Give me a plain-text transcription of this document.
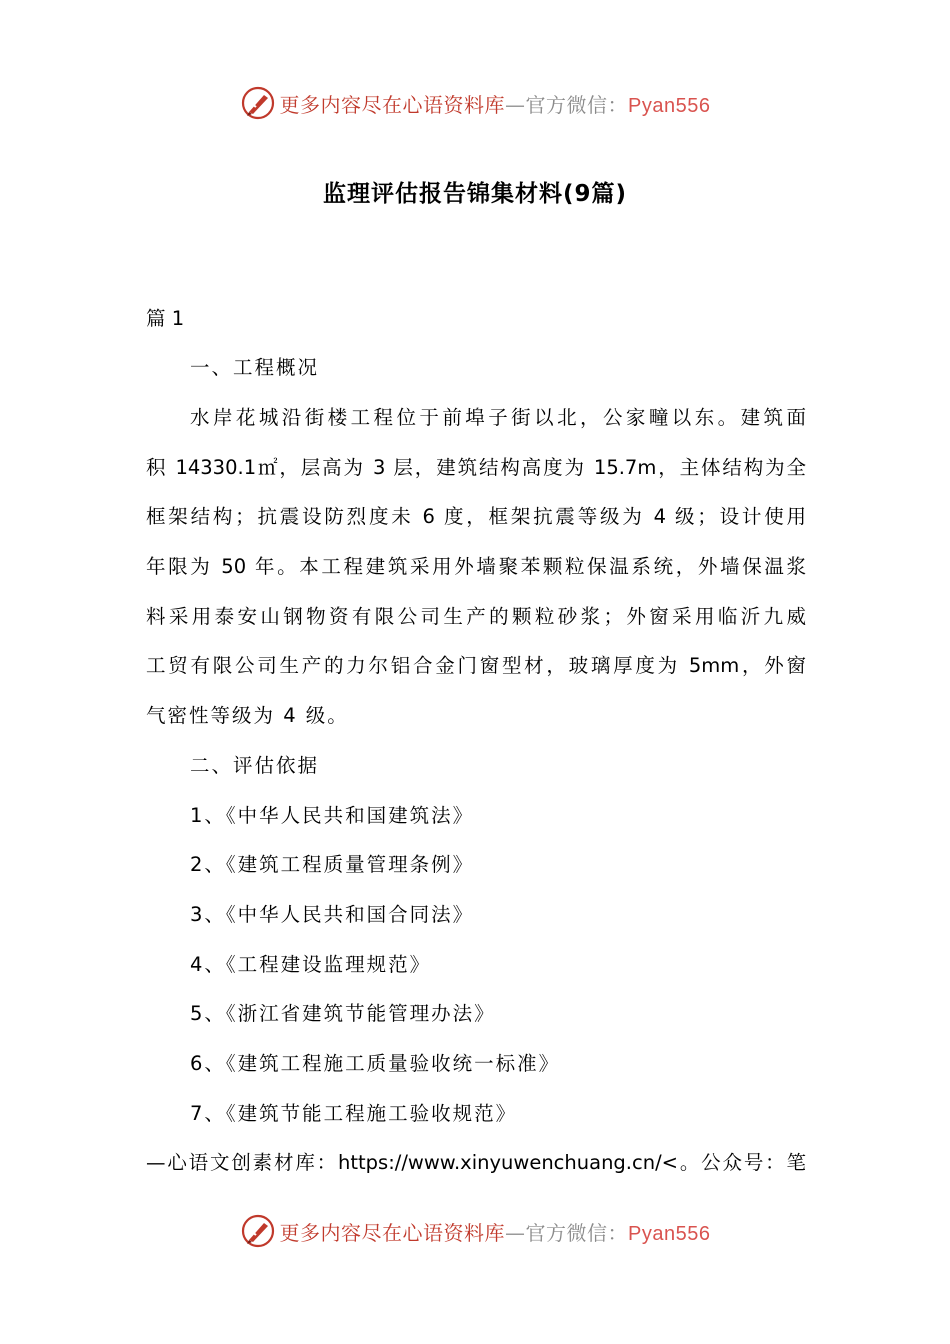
更多内容尽在心语资料库—官方微信：Pyan556
监理评估报告锦集材料(9篇)
篇 1
一、工程概况
水岸花城沿街楼工程位于前埠子街以北，公家疃以东。建筑面
积 14330.1㎡，层高为 3 层，建筑结构高度为 15.7m，主体结构为全
框架结构；抗震设防烈度未 6 度，框架抗震等级为 4 级；设计使用
年限为 50 年。本工程建筑采用外墙聚苯颗粒保温系统，外墙保温浆
料采用泰安山钢物资有限公司生产的颗粒砂浆；外窗采用临沂九威
工贸有限公司生产的力尔铝合金门窗型材，玻璃厚度为 5mm，外窗
气密性等级为 4 级。
二、评估依据
1、《中华人民共和国建筑法》
2、《建筑工程质量管理条例》
3、《中华人民共和国合同法》
4、《工程建设监理规范》
5、《浙江省建筑节能管理办法》
6、《建筑工程施工质量验收统一标准》
7、《建筑节能工程施工验收规范》
—心语文创素材库：https://www.xinyuwenchuang.cn/<。公众号：笔
更多内容尽在心语资料库—官方微信：Pyan556
